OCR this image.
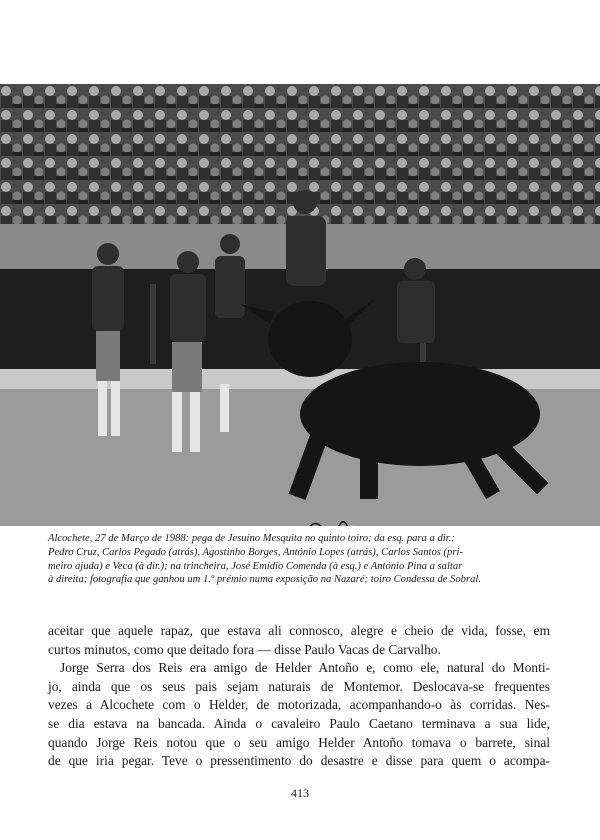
Alcochete, 27 de Março de 1988: pega de Jesuíno Mesquita no quinto toiro; da esq. para a dir.:
Pedro Cruz, Carlos Pegado (atrás), Agostinho Borges, António Lopes (atrás), Carlos Santos (pri-
meiro ajuda) e Veca (à dir.); na trincheira, José Emídio Comenda (à esq.) e António Pina a saltar
à direita; fotografia que ganhou um 1.º prémio numa exposição na Nazaré; toiro Condessa de Sobral.

aceitar que aquele rapaz, que estava ali connosco, alegre e cheio de vida, fosse, em
curtos minutos, como que deitado fora — disse Paulo Vacas de Carvalho.
Jorge Serra dos Reis era amigo de Helder Antoño e, como ele, natural do Monti-
jo, ainda que os seus pais sejam naturais de Montemor. Deslocava-se frequentes
vezes a Alcochete com o Helder, de motorizada, acompanhando-o às corridas. Nes-
se dia estava na bancada. Ainda o cavaleiro Paulo Caetano terminava a sua lide,
quando Jorge Reis notou que o seu amigo Helder Antoño tomava o barrete, sinal
de que iria pegar. Teve o pressentimento do desastre e disse para quem o acompa-

413
